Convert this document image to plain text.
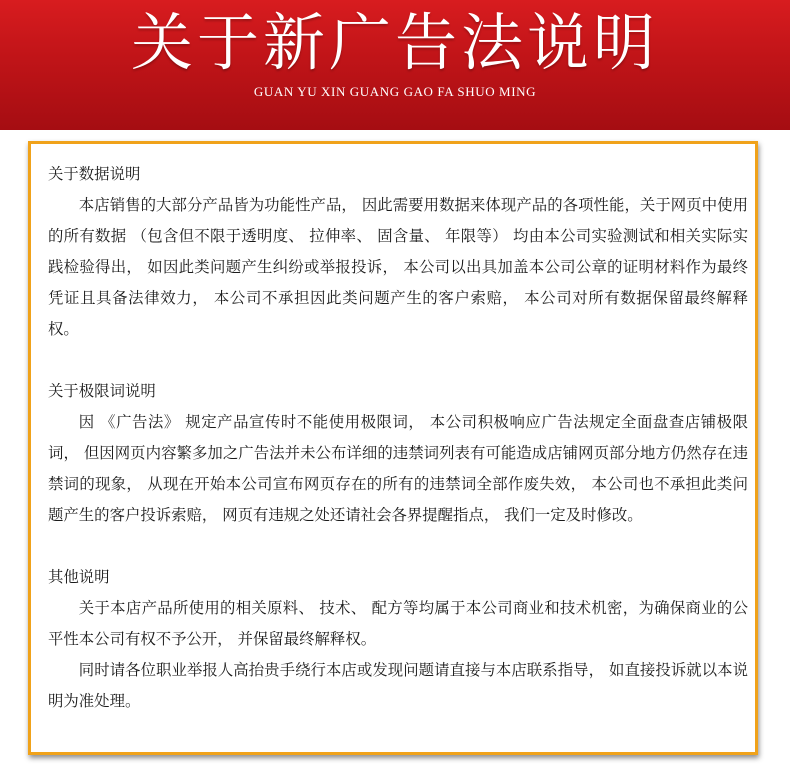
关于新广告法说明
GUAN YU XIN GUANG GAO FA SHUO MING
关于数据说明

本店销售的大部分产品皆为功能性产品， 因此需要用数据来体现产品的各项性能，关于网页中使用的所有数据 （包含但不限于透明度、 拉伸率、 固含量、 年限等） 均由本公司实验测试和相关实际实践检验得出， 如因此类问题产生纠纷或举报投诉， 本公司以出具加盖本公司公章的证明材料作为最终凭证且具备法律效力， 本公司不承担因此类问题产生的客户索赔， 本公司对所有数据保留最终解释权。

关于极限词说明

因 《广告法》 规定产品宣传时不能使用极限词， 本公司积极响应广告法规定全面盘查店铺极限词， 但因网页内容繁多加之广告法并未公布详细的违禁词列表有可能造成店铺网页部分地方仍然存在违禁词的现象， 从现在开始本公司宣布网页存在的所有的违禁词全部作废失效， 本公司也不承担此类问题产生的客户投诉索赔， 网页有违规之处还请社会各界提醒指点， 我们一定及时修改。

其他说明

关于本店产品所使用的相关原料、 技术、 配方等均属于本公司商业和技术机密，为确保商业的公平性本公司有权不予公开， 并保留最终解释权。

同时请各位职业举报人高抬贵手绕行本店或发现问题请直接与本店联系指导， 如直接投诉就以本说明为准处理。
